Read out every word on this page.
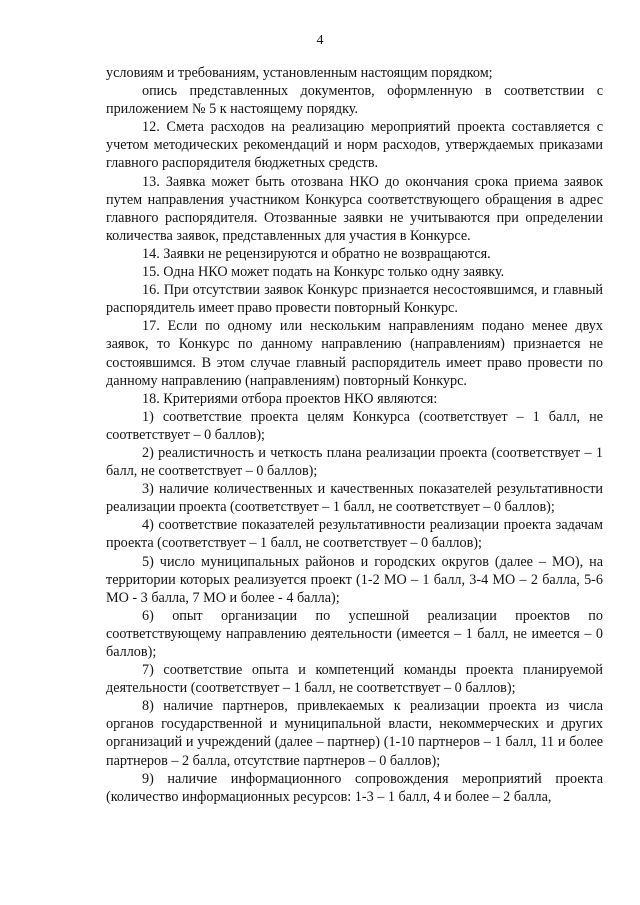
4

условиям и требованиям, установленным настоящим порядком;

опись представленных документов, оформленную в соответствии с приложением № 5 к настоящему порядку.

12. Смета расходов на реализацию мероприятий проекта составляется с учетом методических рекомендаций и норм расходов, утверждаемых приказами главного распорядителя бюджетных средств.

13. Заявка может быть отозвана НКО до окончания срока приема заявок путем направления участником Конкурса соответствующего обращения в адрес главного распорядителя. Отозванные заявки не учитываются при определении количества заявок, представленных для участия в Конкурсе.

14. Заявки не рецензируются и обратно не возвращаются.

15. Одна НКО может подать на Конкурс только одну заявку.

16. При отсутствии заявок Конкурс признается несостоявшимся, и главный распорядитель имеет право провести повторный Конкурс.

17. Если по одному или нескольким направлениям подано менее двух заявок, то Конкурс по данному направлению (направлениям) признается не состоявшимся. В этом случае главный распорядитель имеет право провести по данному направлению (направлениям) повторный Конкурс.

18. Критериями отбора проектов НКО являются:

1) соответствие проекта целям Конкурса (соответствует – 1 балл, не соответствует – 0 баллов);

2) реалистичность и четкость плана реализации проекта (соответствует – 1 балл, не соответствует – 0 баллов);

3) наличие количественных и качественных показателей результативности реализации проекта (соответствует – 1 балл, не соответствует – 0 баллов);

4) соответствие показателей результативности реализации проекта задачам проекта (соответствует – 1 балл, не соответствует – 0 баллов);

5) число муниципальных районов и городских округов (далее – МО), на территории которых реализуется проект (1-2 МО – 1 балл, 3-4 МО – 2 балла, 5-6 МО - 3 балла, 7 МО и более - 4 балла);

6) опыт организации по успешной реализации проектов по соответствующему направлению деятельности (имеется – 1 балл, не имеется – 0 баллов);

7) соответствие опыта и компетенций команды проекта планируемой деятельности (соответствует – 1 балл, не соответствует – 0 баллов);

8) наличие партнеров, привлекаемых к реализации проекта из числа органов государственной и муниципальной власти, некоммерческих и других организаций и учреждений (далее – партнер) (1-10 партнеров – 1 балл, 11 и более партнеров – 2 балла, отсутствие партнеров – 0 баллов);

9) наличие информационного сопровождения мероприятий проекта (количество информационных ресурсов: 1-3 – 1 балл, 4 и более – 2 балла,
